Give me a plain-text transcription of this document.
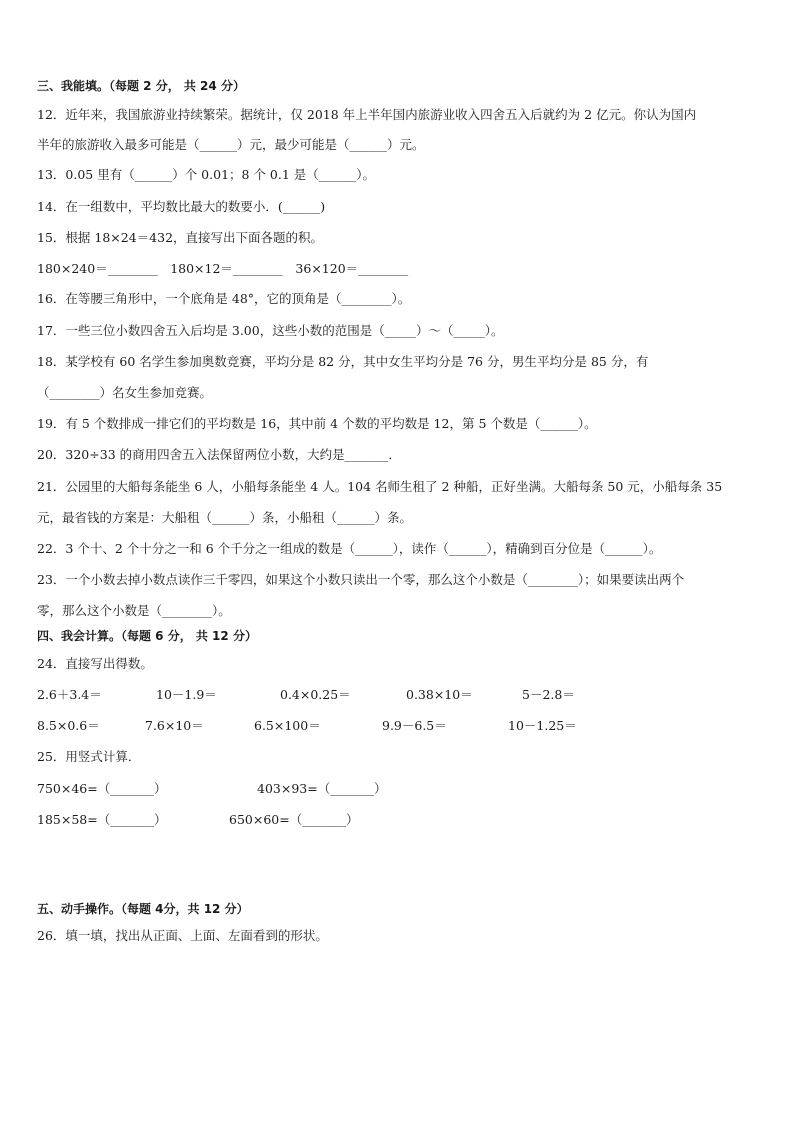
三、我能填。（每题 2 分， 共 24 分）
12．近年来，我国旅游业持续繁荣。据统计，仅 2018 年上半年国内旅游业收入四舍五入后就约为 2 亿元。你认为国内
半年的旅游收入最多可能是（______）元，最少可能是（______）元。
13．0.05 里有（______）个 0.01；8 个 0.1 是（______）。
14．在一组数中，平均数比最大的数要小．(______)
15．根据 18×24＝432，直接写出下面各题的积。
180×240＝________　180×12＝________　36×120＝________
16．在等腰三角形中，一个底角是 48°，它的顶角是（________）。
17．一些三位小数四舍五入后均是 3.00，这些小数的范围是（_____）～（_____）。
18．某学校有 60 名学生参加奥数竞赛，平均分是 82 分，其中女生平均分是 76 分，男生平均分是 85 分，有
（________）名女生参加竞赛。
19．有 5 个数排成一排它们的平均数是 16，其中前 4 个数的平均数是 12，第 5 个数是（______）。
20．320÷33 的商用四舍五入法保留两位小数，大约是_______．
21．公园里的大船每条能坐 6 人，小船每条能坐 4 人。104 名师生租了 2 种船，正好坐满。大船每条 50 元，小船每条 35
元，最省钱的方案是：大船租（______）条，小船租（______）条。
22．3 个十、2 个十分之一和 6 个千分之一组成的数是（______），读作（______），精确到百分位是（______）。
23．一个小数去掉小数点读作三千零四，如果这个小数只读出一个零，那么这个小数是（________）；如果要读出两个
零，那么这个小数是（________）。
四、我会计算。（每题 6 分， 共 12 分）
24．直接写出得数。
2.6＋3.4＝	10－1.9＝	0.4×0.25＝	0.38×10＝	5－2.8＝
8.5×0.6＝	7.6×10＝	6.5×100＝	9.9－6.5＝	10－1.25＝
25．用竖式计算．
750×46=（_______）	403×93=（_______）
185×58=（_______）	650×60=（_______）
五、动手操作。（每题 4分，共 12 分）
26．填一填，找出从正面、上面、左面看到的形状。
